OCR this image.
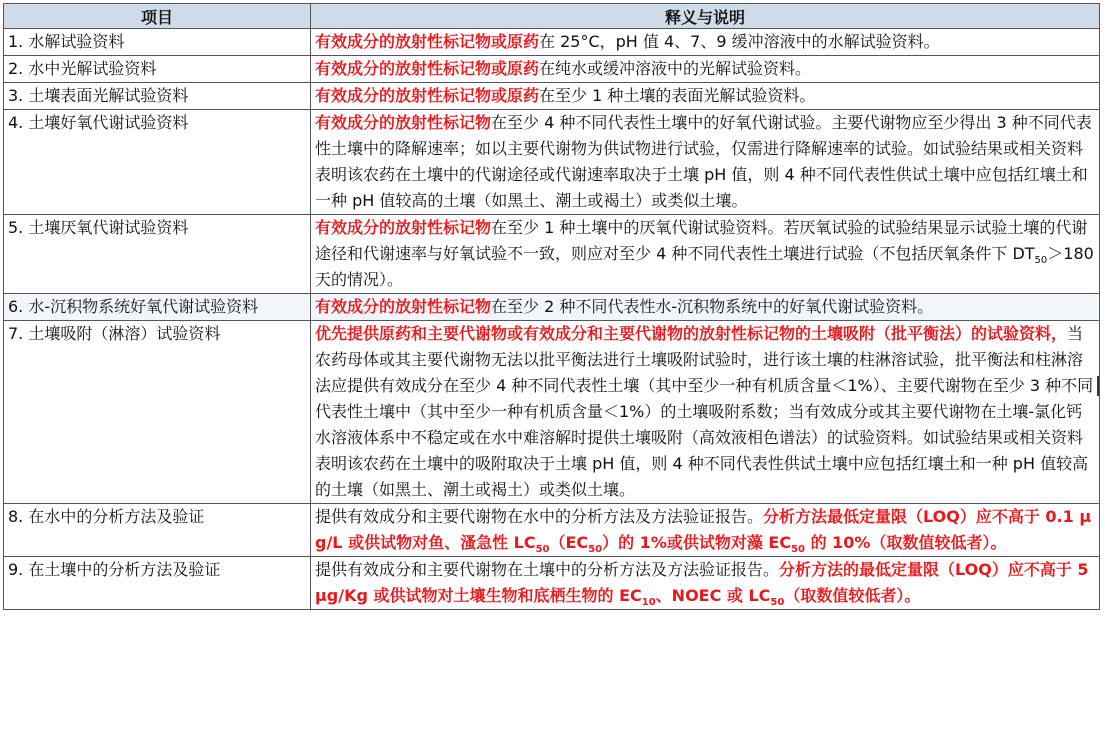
项目	释义与说明
1. 水解试验资料	有效成分的放射性标记物或原药在 25°C，pH 值 4、7、9 缓冲溶液中的水解试验资料。
2. 水中光解试验资料	有效成分的放射性标记物或原药在纯水或缓冲溶液中的光解试验资料。
3. 土壤表面光解试验资料	有效成分的放射性标记物或原药在至少 1 种土壤的表面光解试验资料。
4. 土壤好氧代谢试验资料	有效成分的放射性标记物在至少 4 种不同代表性土壤中的好氧代谢试验。主要代谢物应至少得出 3 种不同代表性土壤中的降解速率；如以主要代谢物为供试物进行试验，仅需进行降解速率的试验。如试验结果或相关资料表明该农药在土壤中的代谢途径或代谢速率取决于土壤 pH 值，则 4 种不同代表性供试土壤中应包括红壤土和一种 pH 值较高的土壤（如黑土、潮土或褐土）或类似土壤。
5. 土壤厌氧代谢试验资料	有效成分的放射性标记物在至少 1 种土壤中的厌氧代谢试验资料。若厌氧试验的试验结果显示试验土壤的代谢途径和代谢速率与好氧试验不一致，则应对至少 4 种不同代表性土壤进行试验（不包括厌氧条件下 $DT_{50}>180$ 天的情况）。
6. 水-沉积物系统好氧代谢试验资料	有效成分的放射性标记物在至少 2 种不同代表性水-沉积物系统中的好氧代谢试验资料。
7. 土壤吸附（淋溶）试验资料	优先提供原药和主要代谢物或有效成分和主要代谢物的放射性标记物的土壤吸附（批平衡法）的试验资料，当农药母体或其主要代谢物无法以批平衡法进行土壤吸附试验时，进行该土壤的柱淋溶试验，批平衡法和柱淋溶法应提供有效成分在至少 4 种不同代表性土壤（其中至少一种有机质含量＜1%）、主要代谢物在至少 3 种不同代表性土壤中（其中至少一种有机质含量＜1%）的土壤吸附系数；当有效成分或其主要代谢物在土壤-氯化钙水溶液体系中不稳定或在水中难溶解时提供土壤吸附（高效液相色谱法）的试验资料。如试验结果或相关资料表明该农药在土壤中的吸附取决于土壤 pH 值，则 4 种不同代表性供试土壤中应包括红壤土和一种 pH 值较高的土壤（如黑土、潮土或褐土）或类似土壤。
8. 在水中的分析方法及验证	提供有效成分和主要代谢物在水中的分析方法及方法验证报告。分析方法最低定量限（LOQ）应不高于 0.1 μg/L 或供试物对鱼、溞急性 $LC_{50}(EC_{50})$的 1%或供试物对藻 $EC_{50}$ 的 10%（取数值较低者）。
9. 在土壤中的分析方法及验证	提供有效成分和主要代谢物在土壤中的分析方法及方法验证报告。分析方法的最低定量限（LOQ）应不高于 5 μg/Kg 或供试物对土壤生物和底栖生物的 $EC_{10}$、NOEC 或 $LC_{50}$（取数值较低者）。
